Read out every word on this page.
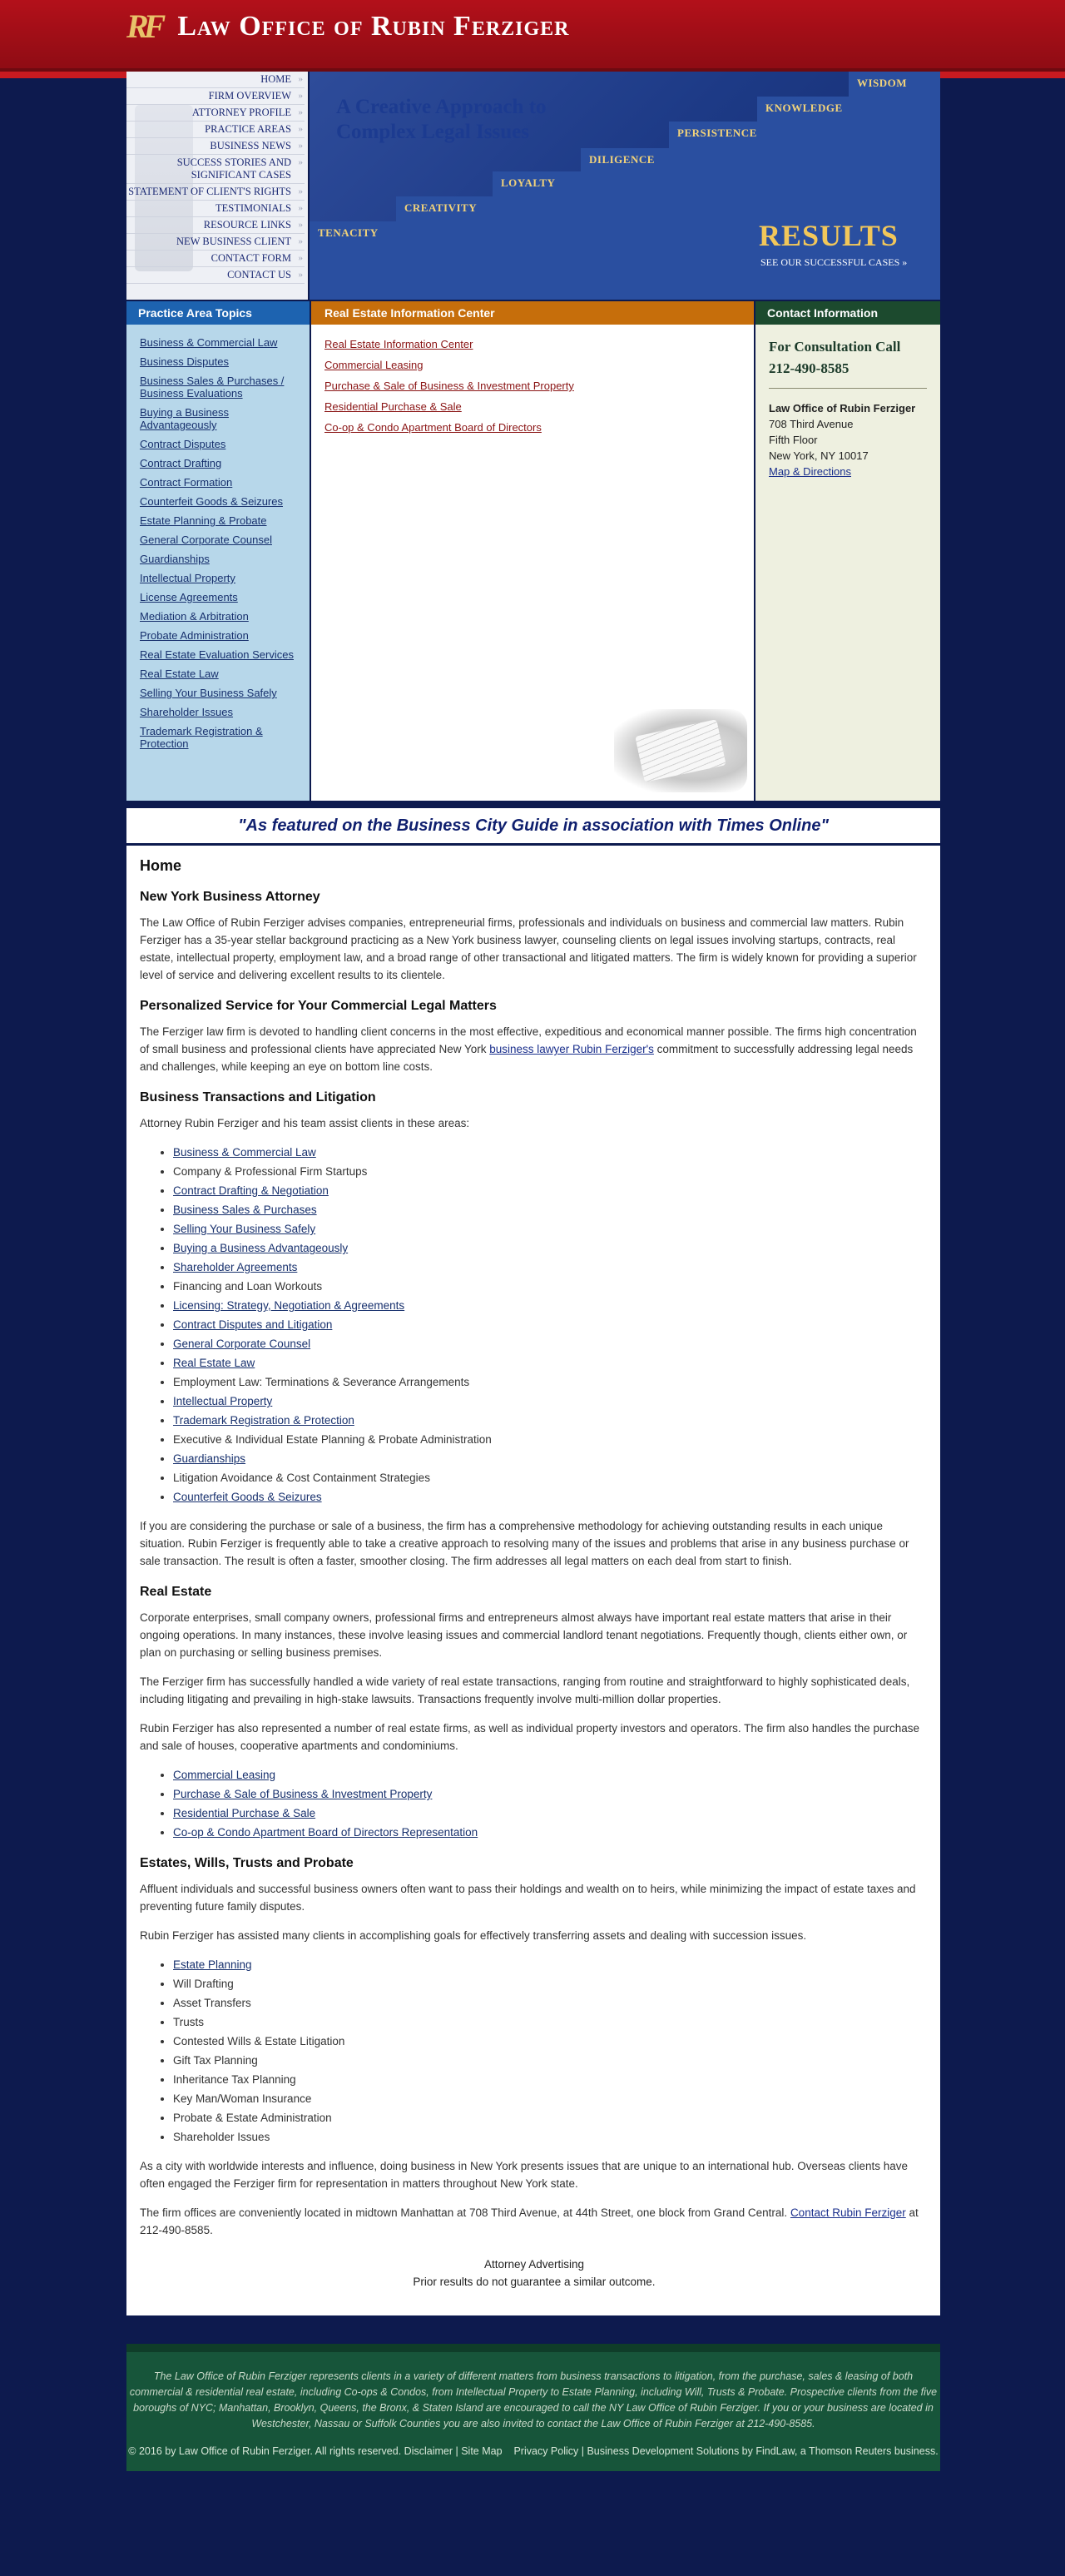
RF Law Office of Rubin Ferziger
HOME »
FIRM OVERVIEW »
ATTORNEY PROFILE »
PRACTICE AREAS »
BUSINESS NEWS »
SUCCESS STORIES AND SIGNIFICANT CASES »
STATEMENT OF CLIENT'S RIGHTS »
TESTIMONIALS »
RESOURCE LINKS »
NEW BUSINESS CLIENT »
CONTACT FORM »
CONTACT US »
A Creative Approach to
Complex Legal Issues
TENACITY
CREATIVITY
LOYALTY
DILIGENCE
PERSISTENCE
KNOWLEDGE
WISDOM
RESULTS
SEE OUR SUCCESSFUL CASES »
Practice Area Topics
Business & Commercial Law
Business Disputes
Business Sales & Purchases / Business Evaluations
Buying a Business Advantageously
Contract Disputes
Contract Drafting
Contract Formation
Counterfeit Goods & Seizures
Estate Planning & Probate
General Corporate Counsel
Guardianships
Intellectual Property
License Agreements
Mediation & Arbitration
Probate Administration
Real Estate Evaluation Services
Real Estate Law
Selling Your Business Safely
Shareholder Issues
Trademark Registration & Protection
Real Estate Information Center
Real Estate Information Center
Commercial Leasing
Purchase & Sale of Business & Investment Property
Residential Purchase & Sale
Co-op & Condo Apartment Board of Directors
Contact Information
For Consultation Call
212-490-8585
Law Office of Rubin Ferziger
708 Third Avenue
Fifth Floor
New York, NY 10017
Map & Directions
"As featured on the Business City Guide in association with Times Online"
Home
New York Business Attorney

The Law Office of Rubin Ferziger advises companies, entrepreneurial firms, professionals and individuals on business and commercial law matters. Rubin Ferziger has a 35-year stellar background practicing as a New York business lawyer, counseling clients on legal issues involving startups, contracts, real estate, intellectual property, employment law, and a broad range of other transactional and litigated matters. The firm is widely known for providing a superior level of service and delivering excellent results to its clientele.

Personalized Service for Your Commercial Legal Matters

The Ferziger law firm is devoted to handling client concerns in the most effective, expeditious and economical manner possible. The firms high concentration of small business and professional clients have appreciated New York business lawyer Rubin Ferziger's commitment to successfully addressing legal needs and challenges, while keeping an eye on bottom line costs.

Business Transactions and Litigation

Attorney Rubin Ferziger and his team assist clients in these areas:

• Business & Commercial Law
• Company & Professional Firm Startups
• Contract Drafting & Negotiation
• Business Sales & Purchases
• Selling Your Business Safely
• Buying a Business Advantageously
• Shareholder Agreements
• Financing and Loan Workouts
• Licensing: Strategy, Negotiation & Agreements
• Contract Disputes and Litigation
• General Corporate Counsel
• Real Estate Law
• Employment Law: Terminations & Severance Arrangements
• Intellectual Property
• Trademark Registration & Protection
• Executive & Individual Estate Planning & Probate Administration
• Guardianships
• Litigation Avoidance & Cost Containment Strategies
• Counterfeit Goods & Seizures

If you are considering the purchase or sale of a business, the firm has a comprehensive methodology for achieving outstanding results in each unique situation. Rubin Ferziger is frequently able to take a creative approach to resolving many of the issues and problems that arise in any business purchase or sale transaction. The result is often a faster, smoother closing. The firm addresses all legal matters on each deal from start to finish.

Real Estate

Corporate enterprises, small company owners, professional firms and entrepreneurs almost always have important real estate matters that arise in their ongoing operations. In many instances, these involve leasing issues and commercial landlord tenant negotiations. Frequently though, clients either own, or plan on purchasing or selling business premises.

The Ferziger firm has successfully handled a wide variety of real estate transactions, ranging from routine and straightforward to highly sophisticated deals, including litigating and prevailing in high-stake lawsuits. Transactions frequently involve multi-million dollar properties.

Rubin Ferziger has also represented a number of real estate firms, as well as individual property investors and operators. The firm also handles the purchase and sale of houses, cooperative apartments and condominiums.

• Commercial Leasing
• Purchase & Sale of Business & Investment Property
• Residential Purchase & Sale
• Co-op & Condo Apartment Board of Directors Representation
Estates, Wills, Trusts and Probate

Affluent individuals and successful business owners often want to pass their holdings and wealth on to heirs, while minimizing the impact of estate taxes and preventing future family disputes.

Rubin Ferziger has assisted many clients in accomplishing goals for effectively transferring assets and dealing with succession issues.

• Estate Planning
• Will Drafting
• Asset Transfers
• Trusts
• Contested Wills & Estate Litigation
• Gift Tax Planning
• Inheritance Tax Planning
• Key Man/Woman Insurance
• Probate & Estate Administration
• Shareholder Issues

As a city with worldwide interests and influence, doing business in New York presents issues that are unique to an international hub. Overseas clients have often engaged the Ferziger firm for representation in matters throughout New York state.

The firm offices are conveniently located in midtown Manhattan at 708 Third Avenue, at 44th Street, one block from Grand Central. Contact Rubin Ferziger at 212-490-8585.

Attorney Advertising
Prior results do not guarantee a similar outcome.
The Law Office of Rubin Ferziger represents clients in a variety of different matters from business transactions to litigation, from the purchase, sales & leasing of both commercial & residential real estate, including Co-ops & Condos, from Intellectual Property to Estate Planning, including Will, Trusts & Probate. Prospective clients from the five boroughs of NYC; Manhattan, Brooklyn, Queens, the Bronx, & Staten Island are encouraged to call the NY Law Office of Rubin Ferziger. If you or your business are located in Westchester, Nassau or Suffolk Counties you are also invited to contact the Law Office of Rubin Ferziger at 212-490-8585.
© 2016 by Law Office of Rubin Ferziger. All rights reserved. Disclaimer | Site Map Privacy Policy | Business Development Solutions by FindLaw, a Thomson Reuters business.
